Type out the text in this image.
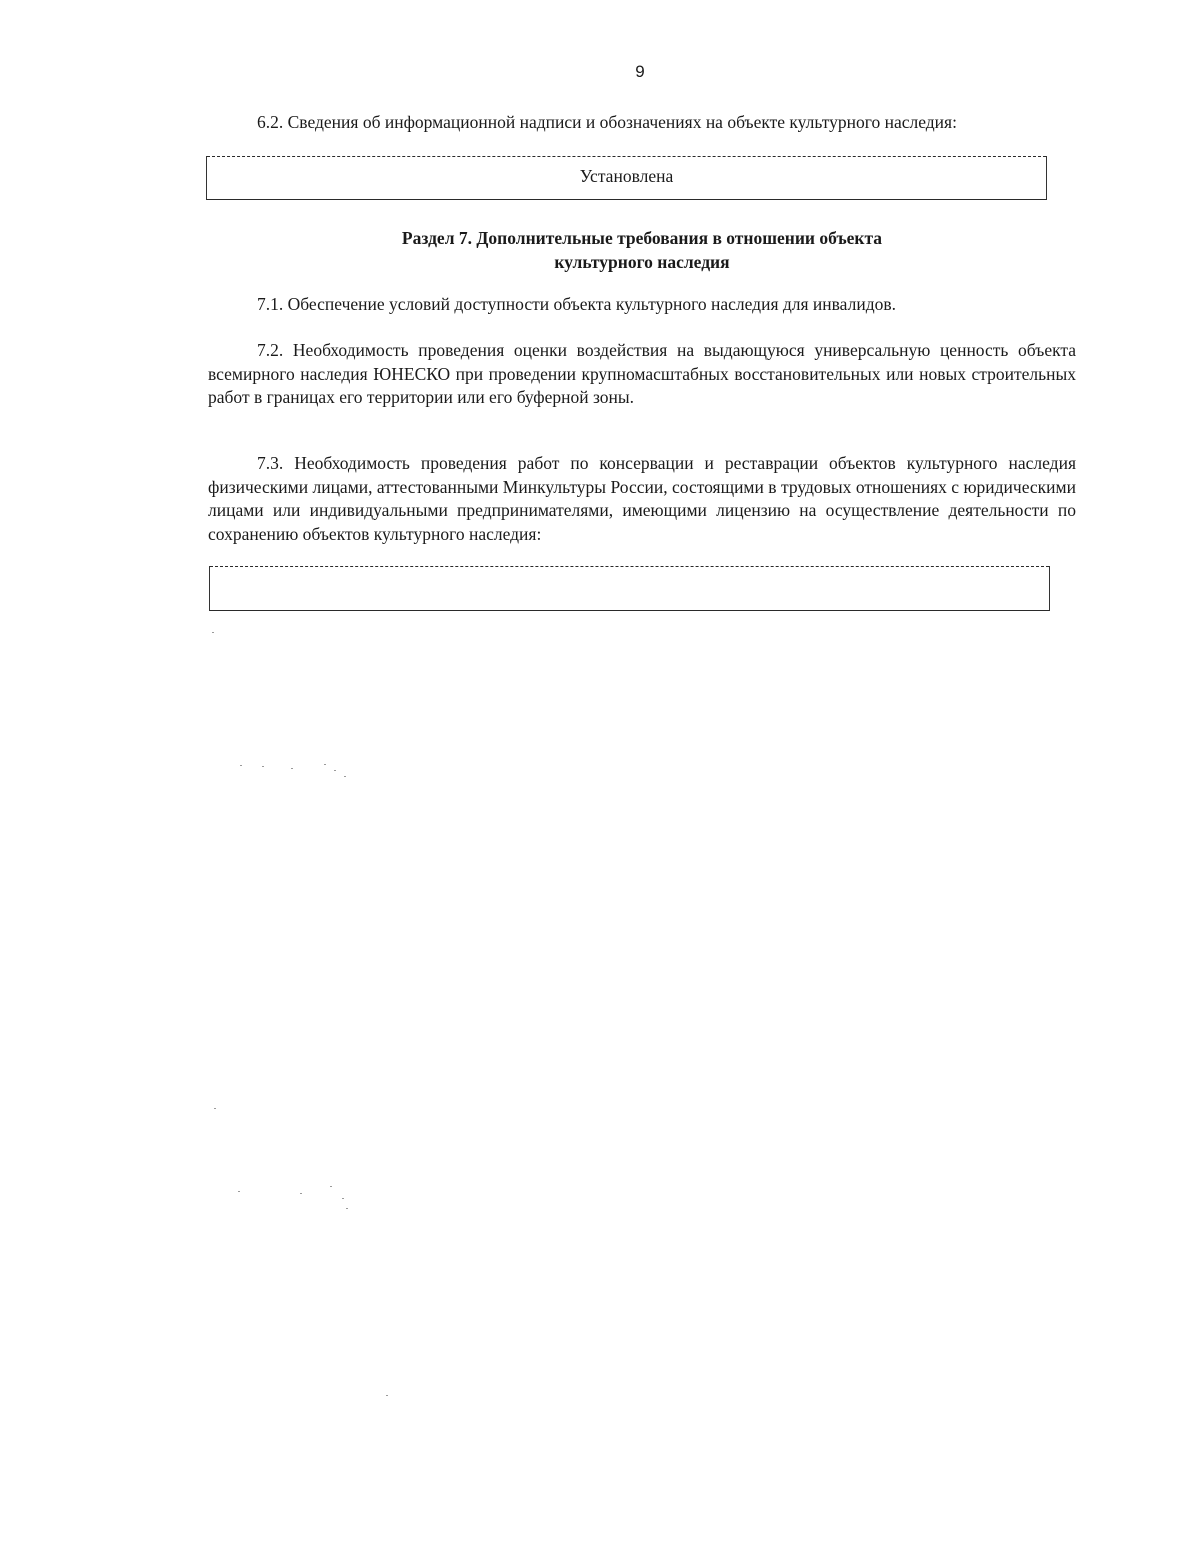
9

6.2. Сведения об информационной надписи и обозначениях на объекте культурного наследия:

Установлена
Раздел 7. Дополнительные требования в отношении объекта
культурного наследия

7.1. Обеспечение условий доступности объекта культурного наследия для инвалидов.

7.2. Необходимость проведения оценки воздействия на выдающуюся универсальную ценность объекта всемирного наследия ЮНЕСКО при проведении крупномасштабных восстановительных или новых строительных работ в границах его территории или его буферной зоны.

7.3. Необходимость проведения работ по консервации и реставрации объектов культурного наследия физическими лицами, аттестованными Минкультуры России, состоящими в трудовых отношениях с юридическими лицами или индивидуальными предпринимателями, имеющими лицензию на осуществление деятельности по сохранению объектов культурного наследия:
